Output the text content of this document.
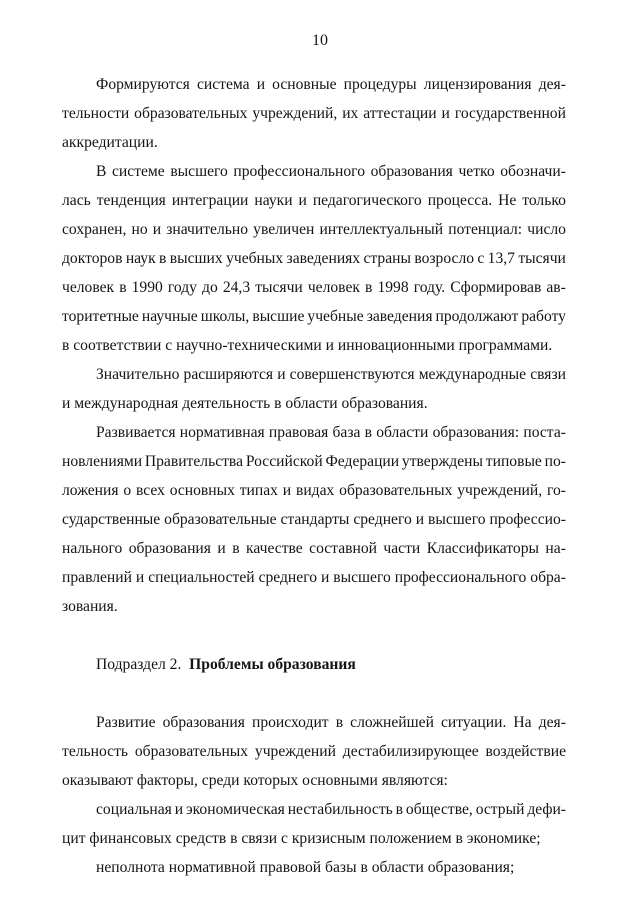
10
Формируются система и основные процедуры лицензирования дея-
тельности образовательных учреждений, их аттестации и государственной
аккредитации.
В системе высшего профессионального образования четко обозначи-
лась тенденция интеграции науки и педагогического процесса. Не только
сохранен, но и значительно увеличен интеллектуальный потенциал: число
докторов наук в высших учебных заведениях страны возросло с 13,7 тысячи
человек в 1990 году до 24,3 тысячи человек в 1998 году. Сформировав ав-
торитетные научные школы, высшие учебные заведения продолжают работу
в соответствии с научно-техническими и инновационными программами.
Значительно расширяются и совершенствуются международные связи
и международная деятельность в области образования.
Развивается нормативная правовая база в области образования: поста-
новлениями Правительства Российской Федерации утверждены типовые по-
ложения о всех основных типах и видах образовательных учреждений, го-
сударственные образовательные стандарты среднего и высшего профессио-
нального образования и в качестве составной части Классификаторы на-
правлений и специальностей среднего и высшего профессионального обра-
зования.
Подраздел 2. Проблемы образования
Развитие образования происходит в сложнейшей ситуации. На дея-
тельность образовательных учреждений дестабилизирующее воздействие
оказывают факторы, среди которых основными являются:
социальная и экономическая нестабильность в обществе, острый дефи-
цит финансовых средств в связи с кризисным положением в экономике;
неполнота нормативной правовой базы в области образования;
